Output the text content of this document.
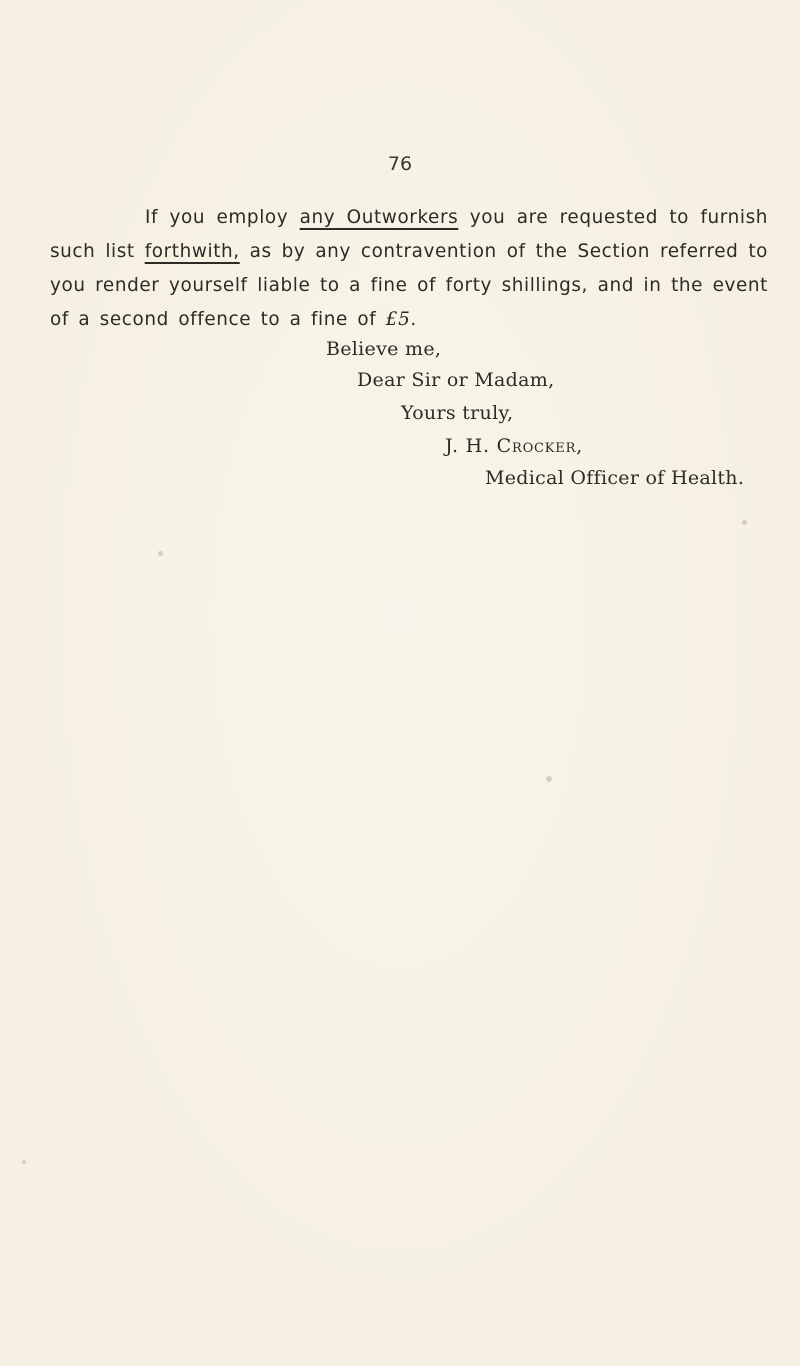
76

If you employ any Outworkers you are requested to furnish such list forthwith, as by any contravention of the Section referred to you render yourself liable to a fine of forty shillings, and in the event of a second offence to a fine of £5.

Believe me,
Dear Sir or Madam,
Yours truly,
J. H. Crocker,
Medical Officer of Health.
